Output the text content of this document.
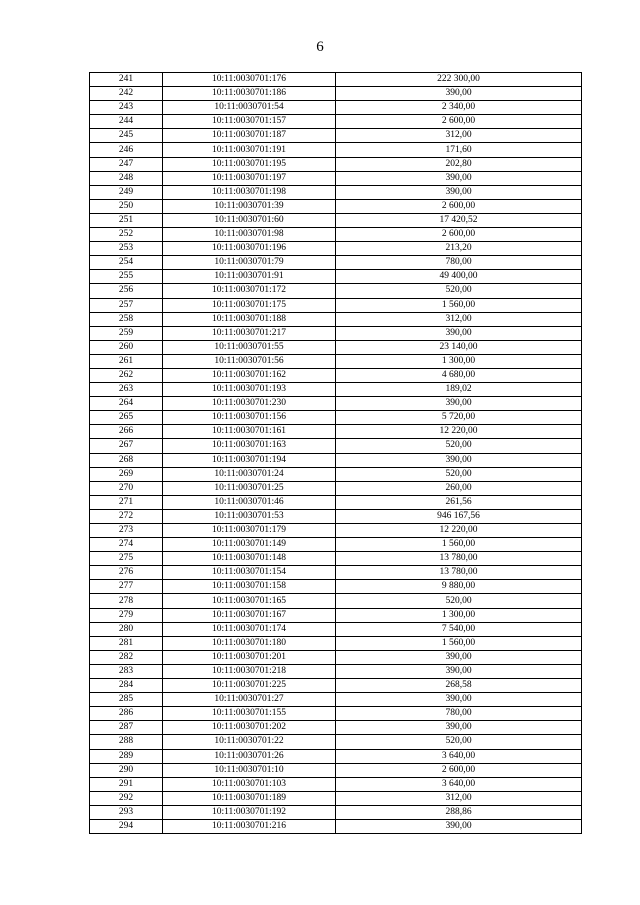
6
241	10:11:0030701:176	222 300,00
242	10:11:0030701:186	390,00
243	10:11:0030701:54	2 340,00
244	10:11:0030701:157	2 600,00
245	10:11:0030701:187	312,00
246	10:11:0030701:191	171,60
247	10:11:0030701:195	202,80
248	10:11:0030701:197	390,00
249	10:11:0030701:198	390,00
250	10:11:0030701:39	2 600,00
251	10:11:0030701:60	17 420,52
252	10:11:0030701:98	2 600,00
253	10:11:0030701:196	213,20
254	10:11:0030701:79	780,00
255	10:11:0030701:91	49 400,00
256	10:11:0030701:172	520,00
257	10:11:0030701:175	1 560,00
258	10:11:0030701:188	312,00
259	10:11:0030701:217	390,00
260	10:11:0030701:55	23 140,00
261	10:11:0030701:56	1 300,00
262	10:11:0030701:162	4 680,00
263	10:11:0030701:193	189,02
264	10:11:0030701:230	390,00
265	10:11:0030701:156	5 720,00
266	10:11:0030701:161	12 220,00
267	10:11:0030701:163	520,00
268	10:11:0030701:194	390,00
269	10:11:0030701:24	520,00
270	10:11:0030701:25	260,00
271	10:11:0030701:46	261,56
272	10:11:0030701:53	946 167,56
273	10:11:0030701:179	12 220,00
274	10:11:0030701:149	1 560,00
275	10:11:0030701:148	13 780,00
276	10:11:0030701:154	13 780,00
277	10:11:0030701:158	9 880,00
278	10:11:0030701:165	520,00
279	10:11:0030701:167	1 300,00
280	10:11:0030701:174	7 540,00
281	10:11:0030701:180	1 560,00
282	10:11:0030701:201	390,00
283	10:11:0030701:218	390,00
284	10:11:0030701:225	268,58
285	10:11:0030701:27	390,00
286	10:11:0030701:155	780,00
287	10:11:0030701:202	390,00
288	10:11:0030701:22	520,00
289	10:11:0030701:26	3 640,00
290	10:11:0030701:10	2 600,00
291	10:11:0030701:103	3 640,00
292	10:11:0030701:189	312,00
293	10:11:0030701:192	288,86
294	10:11:0030701:216	390,00
